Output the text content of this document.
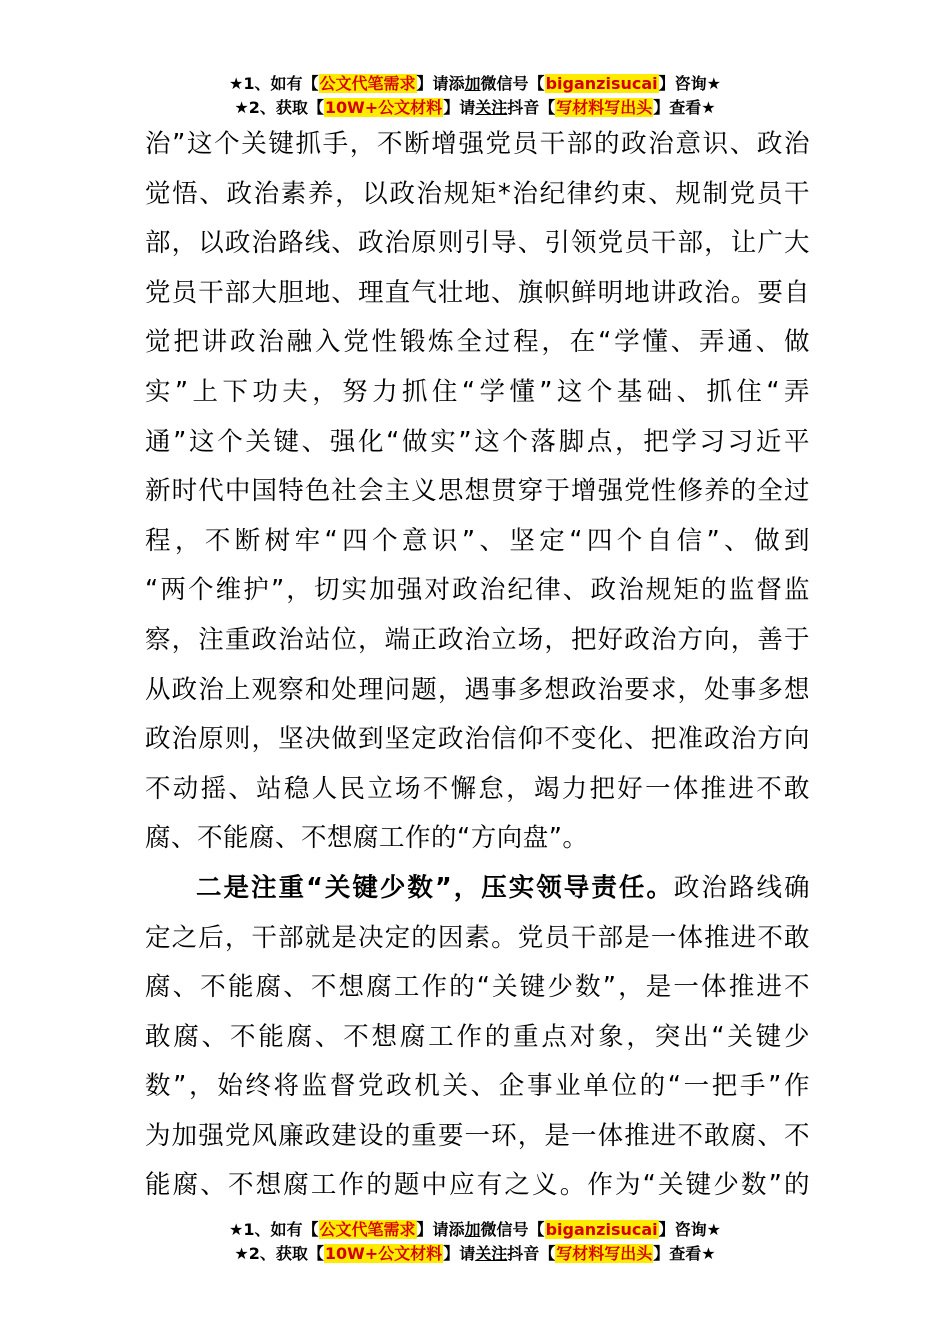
★1、如有【公文代笔需求】请添加微信号【biganzisucai】咨询★
★2、获取【10W+公文材料】请关注抖音【写材料写出头】查看★
治”这个关键抓手，不断增强党员干部的政治意识、政治
觉悟、政治素养，以政治规矩*治纪律约束、规制党员干
部，以政治路线、政治原则引导、引领党员干部，让广大
党员干部大胆地、理直气壮地、旗帜鲜明地讲政治。要自
觉把讲政治融入党性锻炼全过程，在“学懂、弄通、做
实”上下功夫，努力抓住“学懂”这个基础、抓住“弄
通”这个关键、强化“做实”这个落脚点，把学习习近平
新时代中国特色社会主义思想贯穿于增强党性修养的全过
程，不断树牢“四个意识”、坚定“四个自信”、做到
“两个维护”，切实加强对政治纪律、政治规矩的监督监
察，注重政治站位，端正政治立场，把好政治方向，善于
从政治上观察和处理问题，遇事多想政治要求，处事多想
政治原则，坚决做到坚定政治信仰不变化、把准政治方向
不动摇、站稳人民立场不懈怠，竭力把好一体推进不敢
腐、不能腐、不想腐工作的“方向盘”。
二是注重“关键少数”，压实领导责任。政治路线确
定之后，干部就是决定的因素。党员干部是一体推进不敢
腐、不能腐、不想腐工作的“关键少数”，是一体推进不
敢腐、不能腐、不想腐工作的重点对象，突出“关键少
数”，始终将监督党政机关、企事业单位的“一把手”作
为加强党风廉政建设的重要一环，是一体推进不敢腐、不
能腐、不想腐工作的题中应有之义。作为“关键少数”的
★1、如有【公文代笔需求】请添加微信号【biganzisucai】咨询★
★2、获取【10W+公文材料】请关注抖音【写材料写出头】查看★
